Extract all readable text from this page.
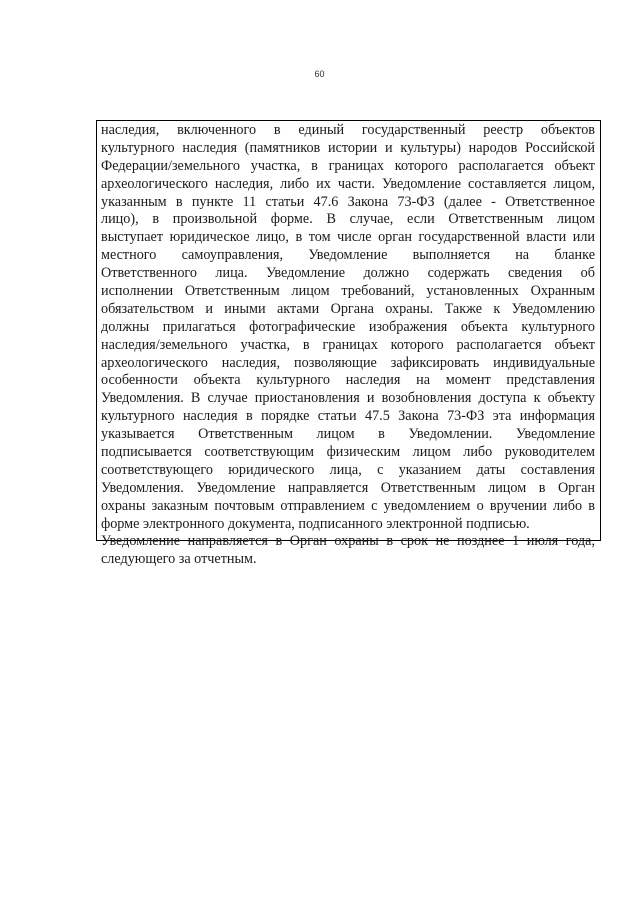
60
наследия, включенного в единый государственный реестр объектов
культурного наследия (памятников истории и культуры) народов Российской
Федерации/земельного участка, в границах которого располагается объект
археологического наследия, либо их части. Уведомление составляется лицом,
указанным в пункте 11 статьи 47.6 Закона 73-ФЗ (далее - Ответственное
лицо), в произвольной форме. В случае, если Ответственным лицом
выступает юридическое лицо, в том числе орган государственной власти или
местного самоуправления, Уведомление выполняется на бланке
Ответственного лица. Уведомление должно содержать сведения об
исполнении Ответственным лицом требований, установленных Охранным
обязательством и иными актами Органа охраны. Также к Уведомлению
должны прилагаться фотографические изображения объекта культурного
наследия/земельного участка, в границах которого располагается объект
археологического наследия, позволяющие зафиксировать индивидуальные
особенности объекта культурного наследия на момент представления
Уведомления. В случае приостановления и возобновления доступа к объекту
культурного наследия в порядке статьи 47.5 Закона 73-ФЗ эта информация
указывается Ответственным лицом в Уведомлении. Уведомление
подписывается соответствующим физическим лицом либо руководителем
соответствующего юридического лица, с указанием даты составления
Уведомления. Уведомление направляется Ответственным лицом в Орган
охраны заказным почтовым отправлением с уведомлением о вручении либо в
форме электронного документа, подписанного электронной подписью.
Уведомление направляется в Орган охраны в срок не позднее 1 июля года,
следующего за отчетным.
